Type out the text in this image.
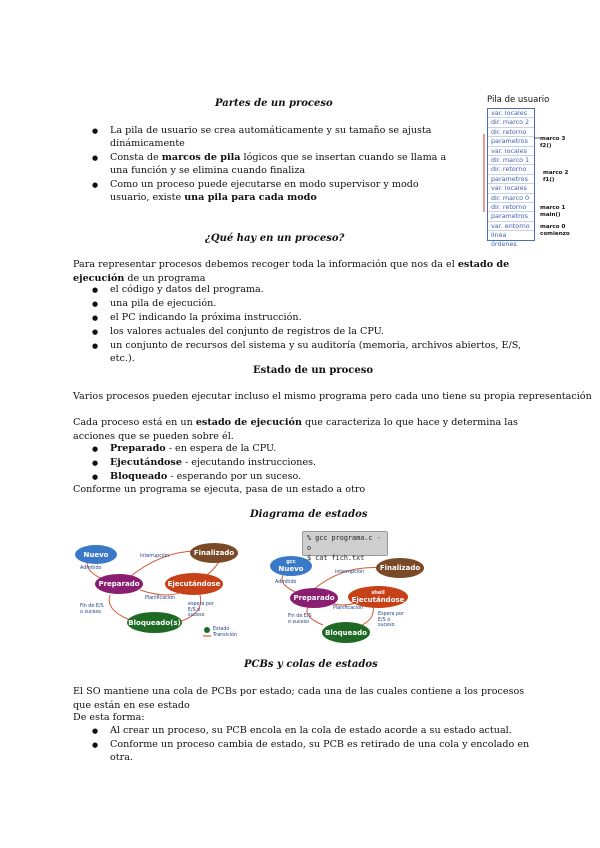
Partes de un proceso
● La pila de usuario se crea automáticamente y su tamaño se ajusta dinámicamente
● Consta de marcos de pila lógicos que se insertan cuando se llama a una función y se elimina cuando finaliza
● Como un proceso puede ejecutarse en modo supervisor y modo usuario, existe una pila para cada modo
Pila de usuario
var. locales
dir. marco 2
dir. retorno
parametros
var. locales
dir. marco 1
dir. retorno
parametros
var. locales
dir. marco 0
dir. retorno
parametros
var. entorno
linea órdenes
marco 3
f2()
marco 2
f1()
marco 1
main()
marco 0
comienzo
¿Qué hay en un proceso?
Para representar procesos debemos recoger toda la información que nos da el estado de ejecución de un programa
● el código y datos del programa.
● una pila de ejecución.
● el PC indicando la próxima instrucción.
● los valores actuales del conjunto de registros de la CPU.
● un conjunto de recursos del sistema y su auditoría (memoria, archivos abiertos, E/S, etc.).
Estado de un proceso
Varios procesos pueden ejecutar incluso el mismo programa pero cada uno tiene su propia representación
Cada proceso está en un estado de ejecución que caracteriza lo que hace y determina las acciones que se pueden sobre él.
● Preparado - en espera de la CPU.
● Ejecutándose - ejecutando instrucciones.
● Bloqueado - esperando por un suceso.
Conforme un programa se ejecuta, pasa de un estado a otro
Diagrama de estados
Nuevo	Finalizado
Preparado	Ejecutándose
Bloqueado(s)
Interrupción
Admitido
Planificación
Fin de E/S o suceso
espera por E/S o suceso
Estado
Transición
% gcc programa.c -o
$ cat fich.txt
gcc
Nuevo	Finalizado
Preparado
shell
Ejecutándose
Bloqueado
interrupción
Admitido
Planificación
Fin de E/S o suceso
Espera por E/S o suceso
PCBs y colas de estados
El SO mantiene una cola de PCBs por estado; cada una de las cuales contiene a los procesos que están en ese estado
De esta forma:
● Al crear un proceso, su PCB encola en la cola de estado acorde a su estado actual.
● Conforme un proceso cambia de estado, su PCB es retirado de una cola y encolado en otra.
